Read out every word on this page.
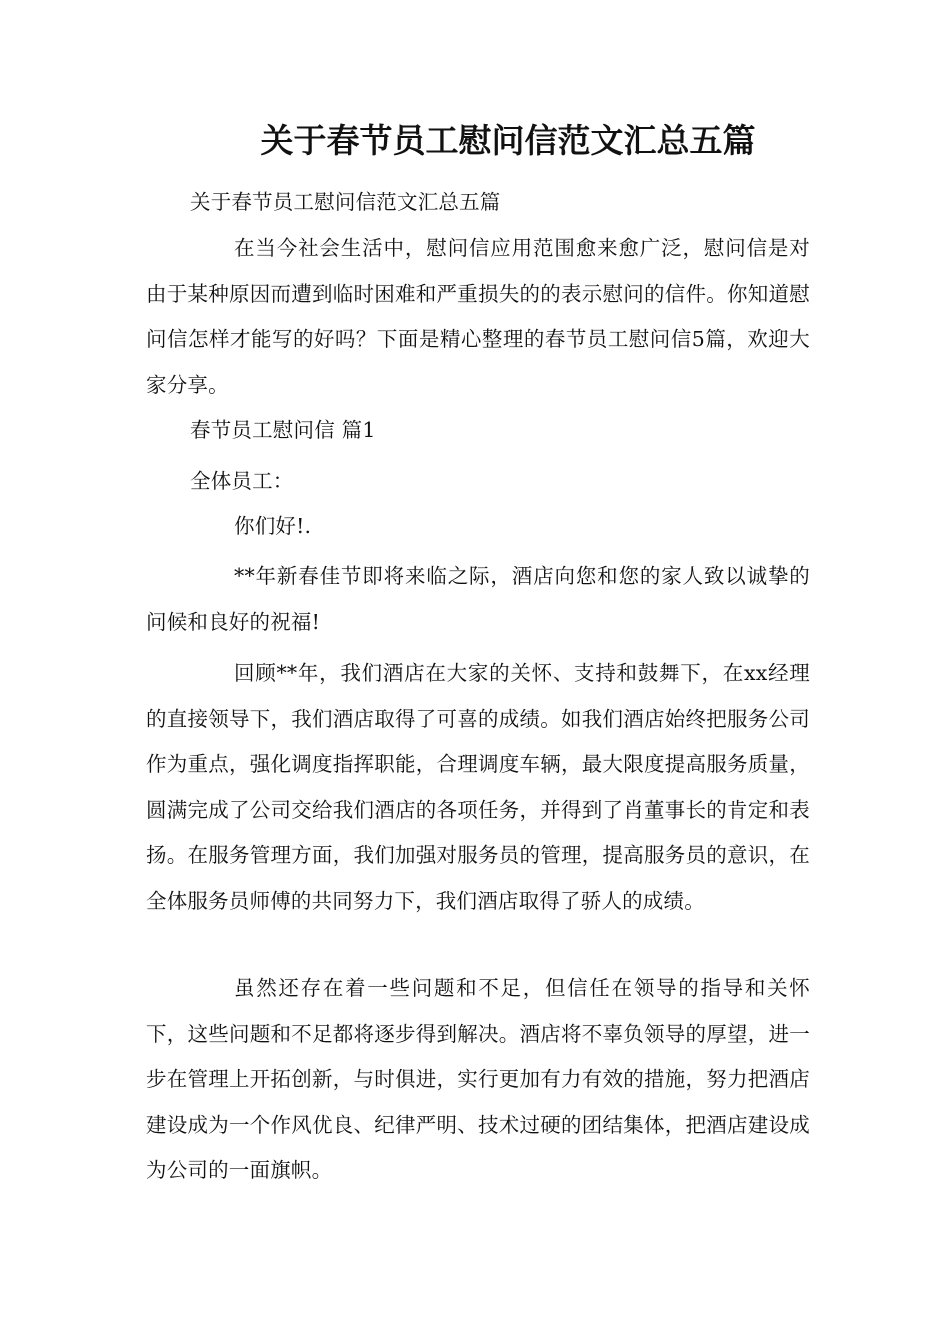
关于春节员工慰问信范文汇总五篇

关于春节员工慰问信范文汇总五篇

在当今社会生活中，慰问信应用范围愈来愈广泛，慰问信是对由于某种原因而遭到临时困难和严重损失的的表示慰问的信件。你知道慰问信怎样才能写的好吗？下面是精心整理的春节员工慰问信5篇，欢迎大家分享。

春节员工慰问信 篇1

全体员工：

你们好!.

**年新春佳节即将来临之际，酒店向您和您的家人致以诚挚的问候和良好的祝福!

回顾**年，我们酒店在大家的关怀、支持和鼓舞下，在xx经理的直接领导下，我们酒店取得了可喜的成绩。如我们酒店始终把服务公司作为重点，强化调度指挥职能，合理调度车辆，最大限度提高服务质量，圆满完成了公司交给我们酒店的各项任务，并得到了肖董事长的肯定和表扬。在服务管理方面，我们加强对服务员的管理，提高服务员的意识，在全体服务员师傅的共同努力下，我们酒店取得了骄人的成绩。

虽然还存在着一些问题和不足，但信任在领导的指导和关怀下，这些问题和不足都将逐步得到解决。酒店将不辜负领导的厚望，进一步在管理上开拓创新，与时俱进，实行更加有力有效的措施，努力把酒店建设成为一个作风优良、纪律严明、技术过硬的团结集体，把酒店建设成为公司的一面旗帜。
